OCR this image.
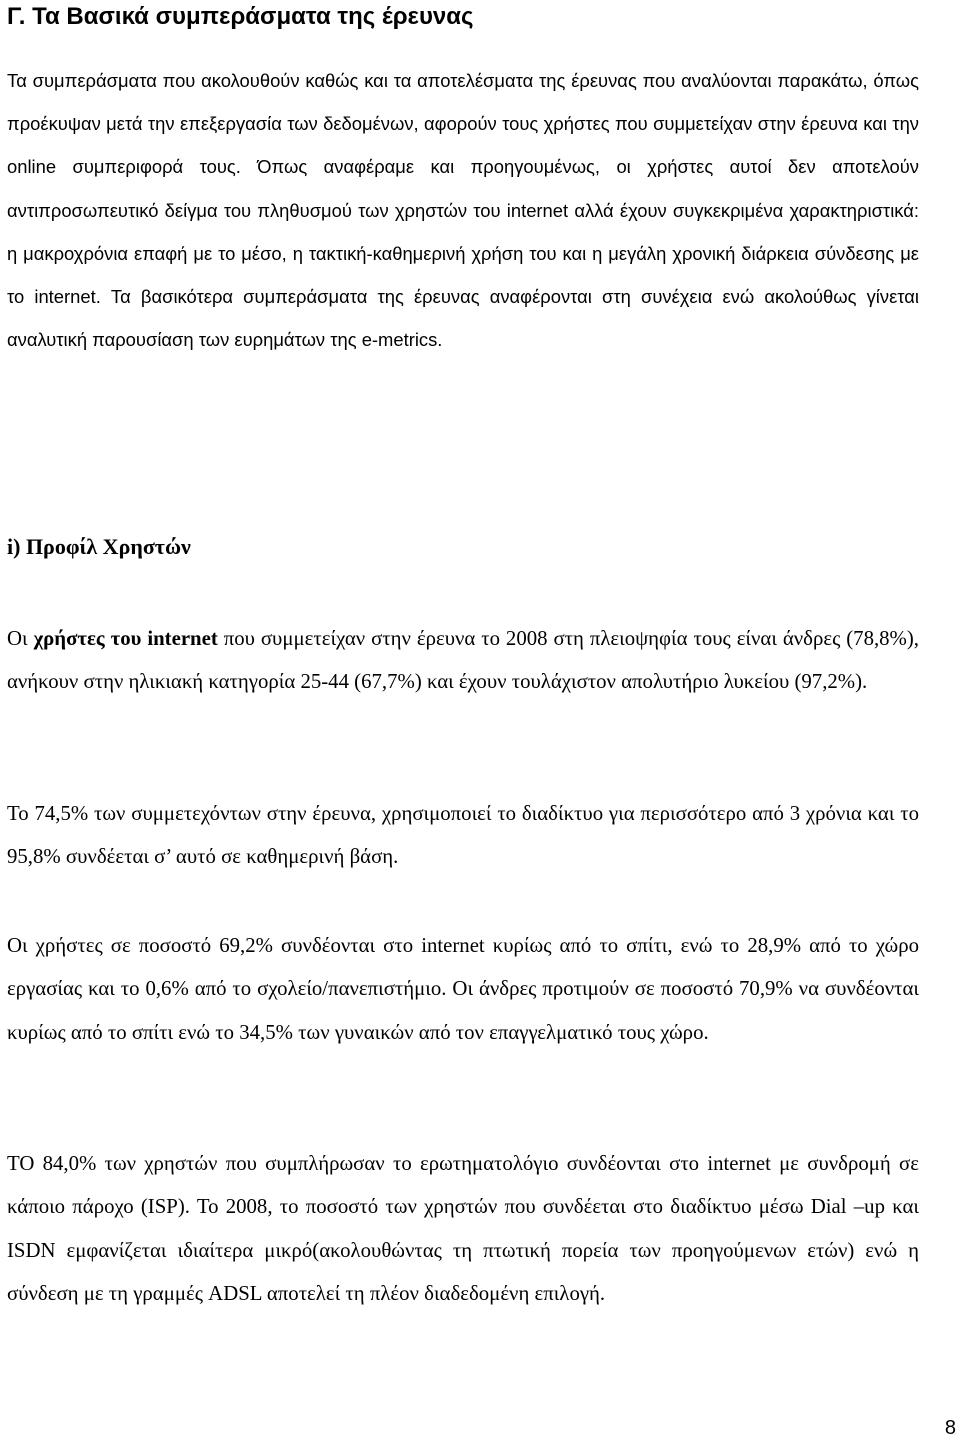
Γ. Τα Βασικά συμπεράσματα της έρευνας

Τα συμπεράσματα που ακολουθούν καθώς και τα αποτελέσματα της έρευνας που αναλύονται παρακάτω, όπως προέκυψαν μετά την επεξεργασία των δεδομένων, αφορούν τους χρήστες που συμμετείχαν στην έρευνα και την online συμπεριφορά τους. Όπως αναφέραμε και προηγουμένως, οι χρήστες αυτοί δεν αποτελούν αντιπροσωπευτικό δείγμα του πληθυσμού των χρηστών του internet αλλά έχουν συγκεκριμένα χαρακτηριστικά: η μακροχρόνια επαφή με το μέσο, η τακτική-καθημερινή χρήση του και η μεγάλη χρονική διάρκεια σύνδεσης με το internet. Τα βασικότερα συμπεράσματα της έρευνας αναφέρονται στη συνέχεια ενώ ακολούθως γίνεται αναλυτική παρουσίαση των ευρημάτων της e-metrics.

i) Προφίλ Χρηστών

Οι χρήστες του internet που συμμετείχαν στην έρευνα το 2008 στη πλειοψηφία τους είναι άνδρες (78,8%), ανήκουν στην ηλικιακή κατηγορία 25-44 (67,7%) και έχουν τουλάχιστον απολυτήριο λυκείου (97,2%).

Το 74,5% των συμμετεχόντων στην έρευνα, χρησιμοποιεί το διαδίκτυο για περισσότερο από 3 χρόνια και το 95,8% συνδέεται σ’ αυτό σε καθημερινή βάση.

Οι χρήστες σε ποσοστό 69,2% συνδέονται στο internet κυρίως από το σπίτι, ενώ το 28,9% από το χώρο εργασίας και το 0,6% από το σχολείο/πανεπιστήμιο. Οι άνδρες προτιμούν σε ποσοστό 70,9% να συνδέονται κυρίως από το σπίτι ενώ το 34,5% των γυναικών από τον επαγγελματικό τους χώρο.

ΤΟ 84,0% των χρηστών που συμπλήρωσαν το ερωτηματολόγιο συνδέονται στο internet με συνδρομή σε κάποιο πάροχο (ISP). Το 2008, το ποσοστό των χρηστών που συνδέεται στο διαδίκτυο μέσω Dial –up και ISDN εμφανίζεται ιδιαίτερα μικρό(ακολουθώντας τη πτωτική πορεία των προηγούμενων ετών) ενώ η σύνδεση με τη γραμμές ADSL αποτελεί τη πλέον διαδεδομένη επιλογή.

8
